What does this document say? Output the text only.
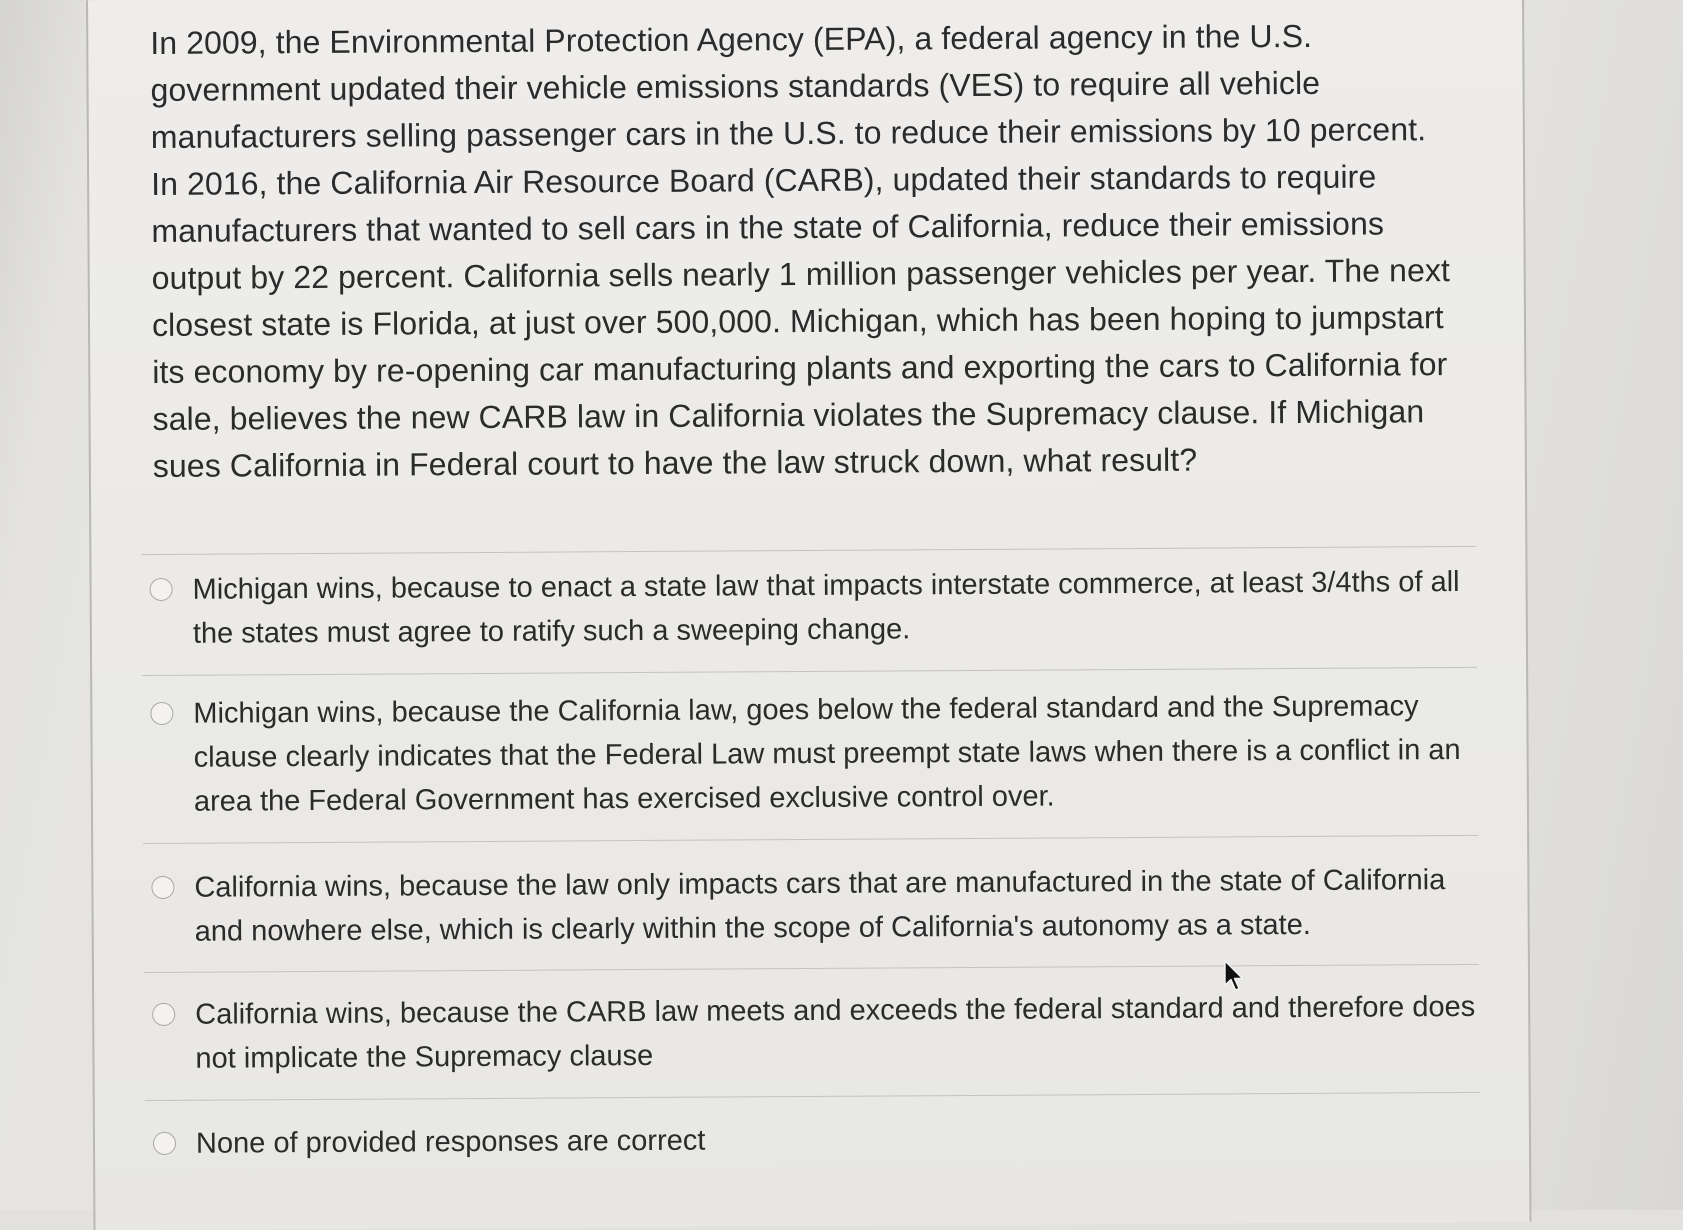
In 2009, the Environmental Protection Agency (EPA), a federal agency in the U.S. government updated their vehicle emissions standards (VES) to require all vehicle manufacturers selling passenger cars in the U.S. to reduce their emissions by 10 percent. In 2016, the California Air Resource Board (CARB), updated their standards to require manufacturers that wanted to sell cars in the state of California, reduce their emissions output by 22 percent. California sells nearly 1 million passenger vehicles per year. The next closest state is Florida, at just over 500,000. Michigan, which has been hoping to jumpstart its economy by re-opening car manufacturing plants and exporting the cars to California for sale, believes the new CARB law in California violates the Supremacy clause. If Michigan sues California in Federal court to have the law struck down, what result?

Michigan wins, because to enact a state law that impacts interstate commerce, at least 3/4ths of all the states must agree to ratify such a sweeping change.
Michigan wins, because the California law, goes below the federal standard and the Supremacy clause clearly indicates that the Federal Law must preempt state laws when there is a conflict in an area the Federal Government has exercised exclusive control over.
California wins, because the law only impacts cars that are manufactured in the state of California and nowhere else, which is clearly within the scope of California's autonomy as a state.
California wins, because the CARB law meets and exceeds the federal standard and therefore does not implicate the Supremacy clause
None of provided responses are correct
